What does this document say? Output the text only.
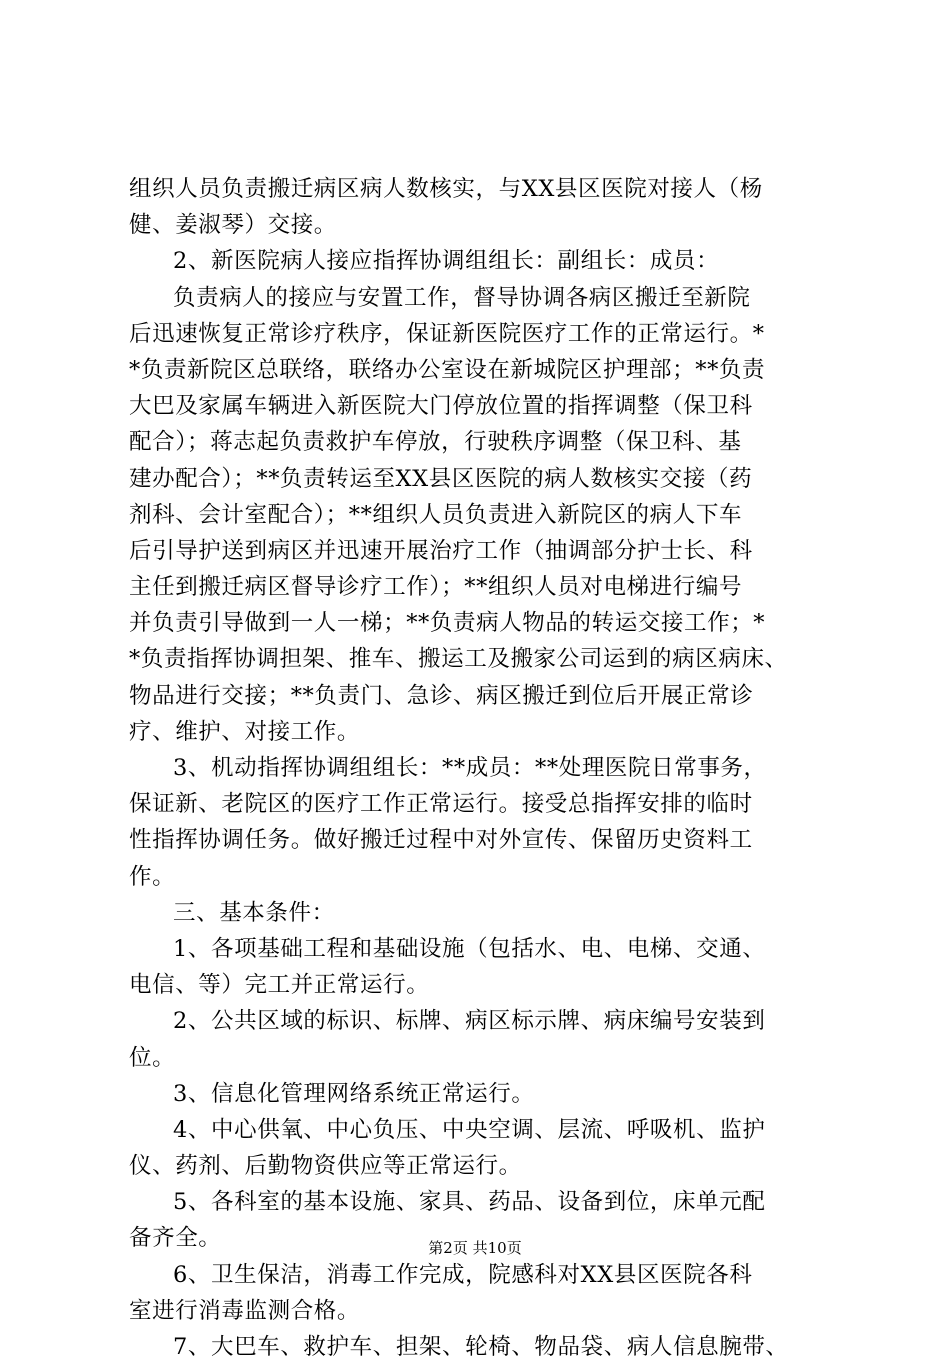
组织人员负责搬迁病区病人数核实，与XX县区医院对接人（杨
健、姜淑琴）交接。
2、新医院病人接应指挥协调组组长：副组长：成员：
负责病人的接应与安置工作，督导协调各病区搬迁至新院
后迅速恢复正常诊疗秩序，保证新医院医疗工作的正常运行。*
*负责新院区总联络，联络办公室设在新城院区护理部；**负责
大巴及家属车辆进入新医院大门停放位置的指挥调整（保卫科
配合）；蒋志起负责救护车停放，行驶秩序调整（保卫科、基
建办配合）；**负责转运至XX县区医院的病人数核实交接（药
剂科、会计室配合）；**组织人员负责进入新院区的病人下车
后引导护送到病区并迅速开展治疗工作（抽调部分护士长、科
主任到搬迁病区督导诊疗工作）；**组织人员对电梯进行编号
并负责引导做到一人一梯；**负责病人物品的转运交接工作；*
*负责指挥协调担架、推车、搬运工及搬家公司运到的病区病床、
物品进行交接；**负责门、急诊、病区搬迁到位后开展正常诊
疗、维护、对接工作。
3、机动指挥协调组组长：**成员：**处理医院日常事务，
保证新、老院区的医疗工作正常运行。接受总指挥安排的临时
性指挥协调任务。做好搬迁过程中对外宣传、保留历史资料工
作。
三、基本条件：
1、各项基础工程和基础设施（包括水、电、电梯、交通、
电信、等）完工并正常运行。
2、公共区域的标识、标牌、病区标示牌、病床编号安装到
位。
3、信息化管理网络系统正常运行。
4、中心供氧、中心负压、中央空调、层流、呼吸机、监护
仪、药剂、后勤物资供应等正常运行。
5、各科室的基本设施、家具、药品、设备到位，床单元配
备齐全。
6、卫生保洁，消毒工作完成，院感科对XX县区医院各科
室进行消毒监测合格。
7、大巴车、救护车、担架、轮椅、物品袋、病人信息腕带、
第2页 共10页
